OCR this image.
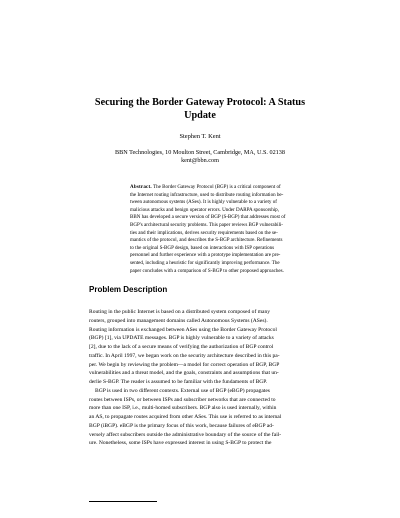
Securing the Border Gateway Protocol: A Status
Update
Stephen T. Kent
BBN Technologies, 10 Moulton Street, Cambridge, MA, U.S. 02138
kent@bbn.com
Abstract. The Border Gateway Protocol (BGP) is a critical component of
the Internet routing infrastructure, used to distribute routing information be-
tween autonomous systems (ASes). It is highly vulnerable to a variety of
malicious attacks and benign operator errors. Under DARPA sponsorship,
BBN has developed a secure version of BGP (S-BGP) that addresses most of
BGP's architectural security problems. This paper reviews BGP vulnerabili-
ties and their implications, derives security requirements based on the se-
mantics of the protocol, and describes the S-BGP architecture. Refinements
to the original S-BGP design, based on interactions with ISP operations
personnel and further experience with a prototype implementation are pre-
sented, including a heuristic for significantly improving performance. The
paper concludes with a comparison of S-BGP to other proposed approaches.
Problem Description
Routing in the public Internet is based on a distributed system composed of many
routers, grouped into management domains called Autonomous Systems (ASes).
Routing information is exchanged between ASes using the Border Gateway Protocol
(BGP) [1], via UPDATE messages. BGP is highly vulnerable to a variety of attacks
[2], due to the lack of a secure means of verifying the authorization of BGP control
traffic. In April 1997, we began work on the security architecture described in this pa-
per. We begin by reviewing the problem—a model for correct operation of BGP, BGP
vulnerabilities and a threat model, and the goals, constraints and assumptions that un-
derlie S-BGP. The reader is assumed to be familiar with the fundaments of BGP.
BGP is used in two different contexts. External use of BGP (eBGP) propagates
routes between ISPs, or between ISPs and subscriber networks that are connected to
more than one ISP, i.e., multi-homed subscribers. BGP also is used internally, within
an AS, to propagate routes acquired from other ASes. This use is referred to as internal
BGP (iBGP). eBGP is the primary focus of this work, because failures of eBGP ad-
versely affect subscribers outside the administrative boundary of the source of the fail-
ure. Nonetheless, some ISPs have expressed interest in using S-BGP to protect the
